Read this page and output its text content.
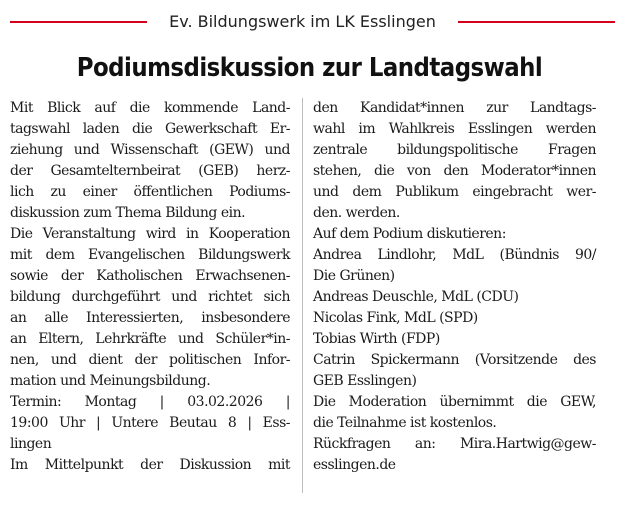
Ev. Bildungswerk im LK Esslingen
Podiumsdiskussion zur Landtagswahl
Mit Blick auf die kommende Land-
tagswahl laden die Gewerkschaft Er-
ziehung und Wissenschaft (GEW) und
der Gesamtelternbeirat (GEB) herz-
lich zu einer öffentlichen Podiums-
diskussion zum Thema Bildung ein.
Die Veranstaltung wird in Kooperation
mit dem Evangelischen Bildungswerk
sowie der Katholischen Erwachsenen-
bildung durchgeführt und richtet sich
an alle Interessierten, insbesondere
an Eltern, Lehrkräfte und Schüler*in-
nen, und dient der politischen Infor-
mation und Meinungsbildung.
Termin: Montag | 03.02.2026 |
19:00 Uhr | Untere Beutau 8 | Ess-
lingen
Im Mittelpunkt der Diskussion mit
den Kandidat*innen zur Landtags-
wahl im Wahlkreis Esslingen werden
zentrale bildungspolitische Fragen
stehen, die von den Moderator*innen
und dem Publikum eingebracht wer-
den. werden.
Auf dem Podium diskutieren:
Andrea Lindlohr, MdL (Bündnis 90/
Die Grünen)
Andreas Deuschle, MdL (CDU)
Nicolas Fink, MdL (SPD)
Tobias Wirth (FDP)
Catrin Spickermann (Vorsitzende des
GEB Esslingen)
Die Moderation übernimmt die GEW,
die Teilnahme ist kostenlos.
Rückfragen an: Mira.Hartwig@gew-
esslingen.de
